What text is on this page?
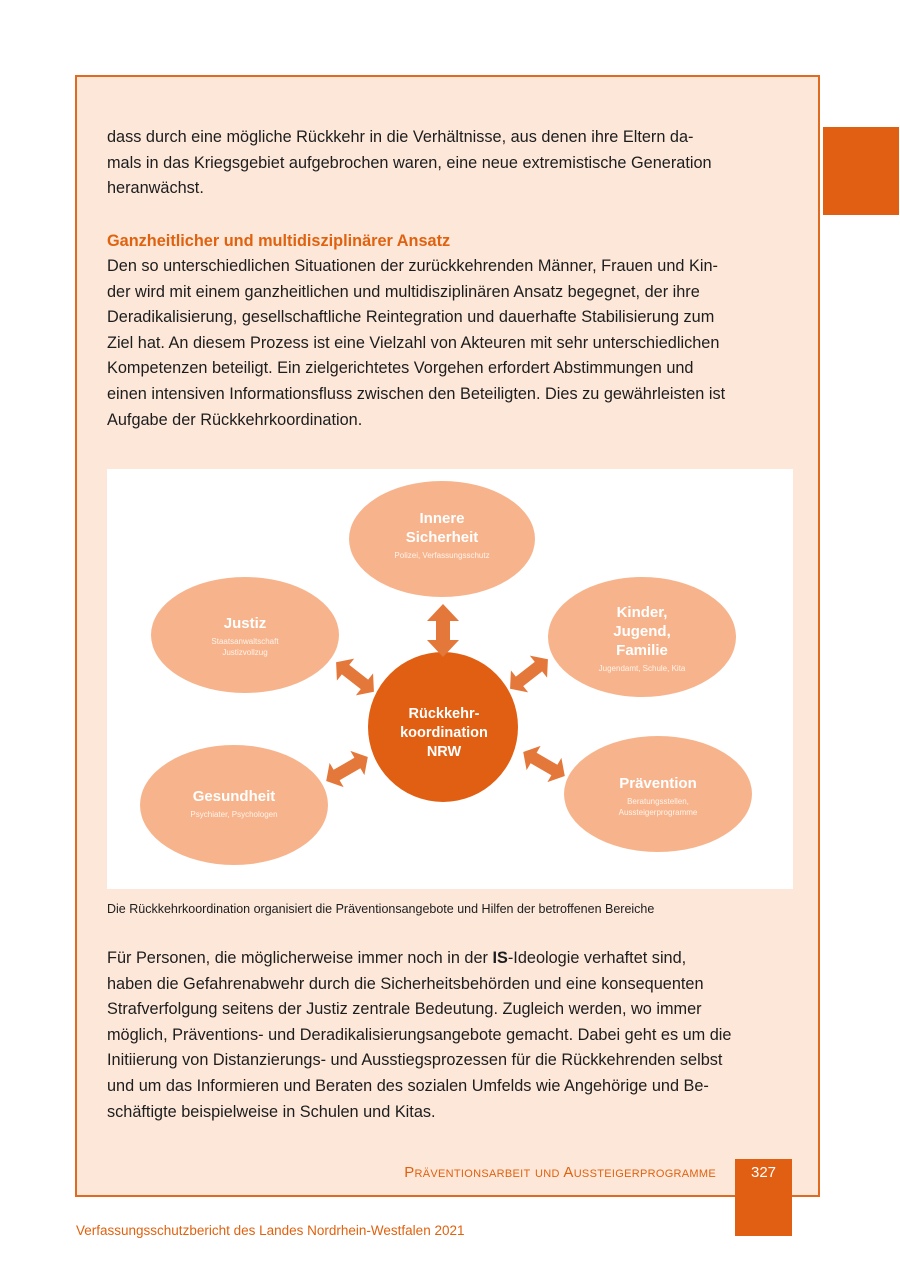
dass durch eine mögliche Rückkehr in die Verhältnisse, aus denen ihre Eltern da-

mals in das Kriegsgebiet aufgebrochen waren, eine neue extremistische Generation

heranwächst.

Ganzheitlicher und multidisziplinärer Ansatz

Den so unterschiedlichen Situationen der zurückkehrenden Männer, Frauen und Kin-

der wird mit einem ganzheitlichen und multidisziplinären Ansatz begegnet, der ihre

Deradikalisierung, gesellschaftliche Reintegration und dauerhafte Stabilisierung zum

Ziel hat. An diesem Prozess ist eine Vielzahl von Akteuren mit sehr unterschiedlichen

Kompetenzen beteiligt. Ein zielgerichtetes Vorgehen erfordert Abstimmungen und

einen intensiven Informationsfluss zwischen den Beteiligten. Dies zu gewährleisten ist

Aufgabe der Rückkehrkoordination.

Innere
Sicherheit
Polizei, Verfassungsschutz
Justiz
Staatsanwaltschaft
Justizvollzug
Kinder,
Jugend,
Familie
Jugendamt, Schule, Kita
Gesundheit
Psychiater, Psychologen
Prävention
Beratungsstellen,
Aussteigerprogramme
Rückkehr-
koordination
NRW
Die Rückkehrkoordination organisiert die Präventionsangebote und Hilfen der betroffenen Bereiche

Für Personen, die möglicherweise immer noch in der IS-Ideologie verhaftet sind,

haben die Gefahrenabwehr durch die Sicherheitsbehörden und eine konsequenten

Strafverfolgung seitens der Justiz zentrale Bedeutung. Zugleich werden, wo immer

möglich, Präventions- und Deradikalisierungsangebote gemacht. Dabei geht es um die

Initiierung von Distanzierungs- und Ausstiegsprozessen für die Rückkehrenden selbst

und um das Informieren und Beraten des sozialen Umfelds wie Angehörige und Be-

schäftigte beispielweise in Schulen und Kitas.

Präventionsarbeit und Aussteigerprogramme	327
Verfassungsschutzbericht des Landes Nordrhein-Westfalen 2021
